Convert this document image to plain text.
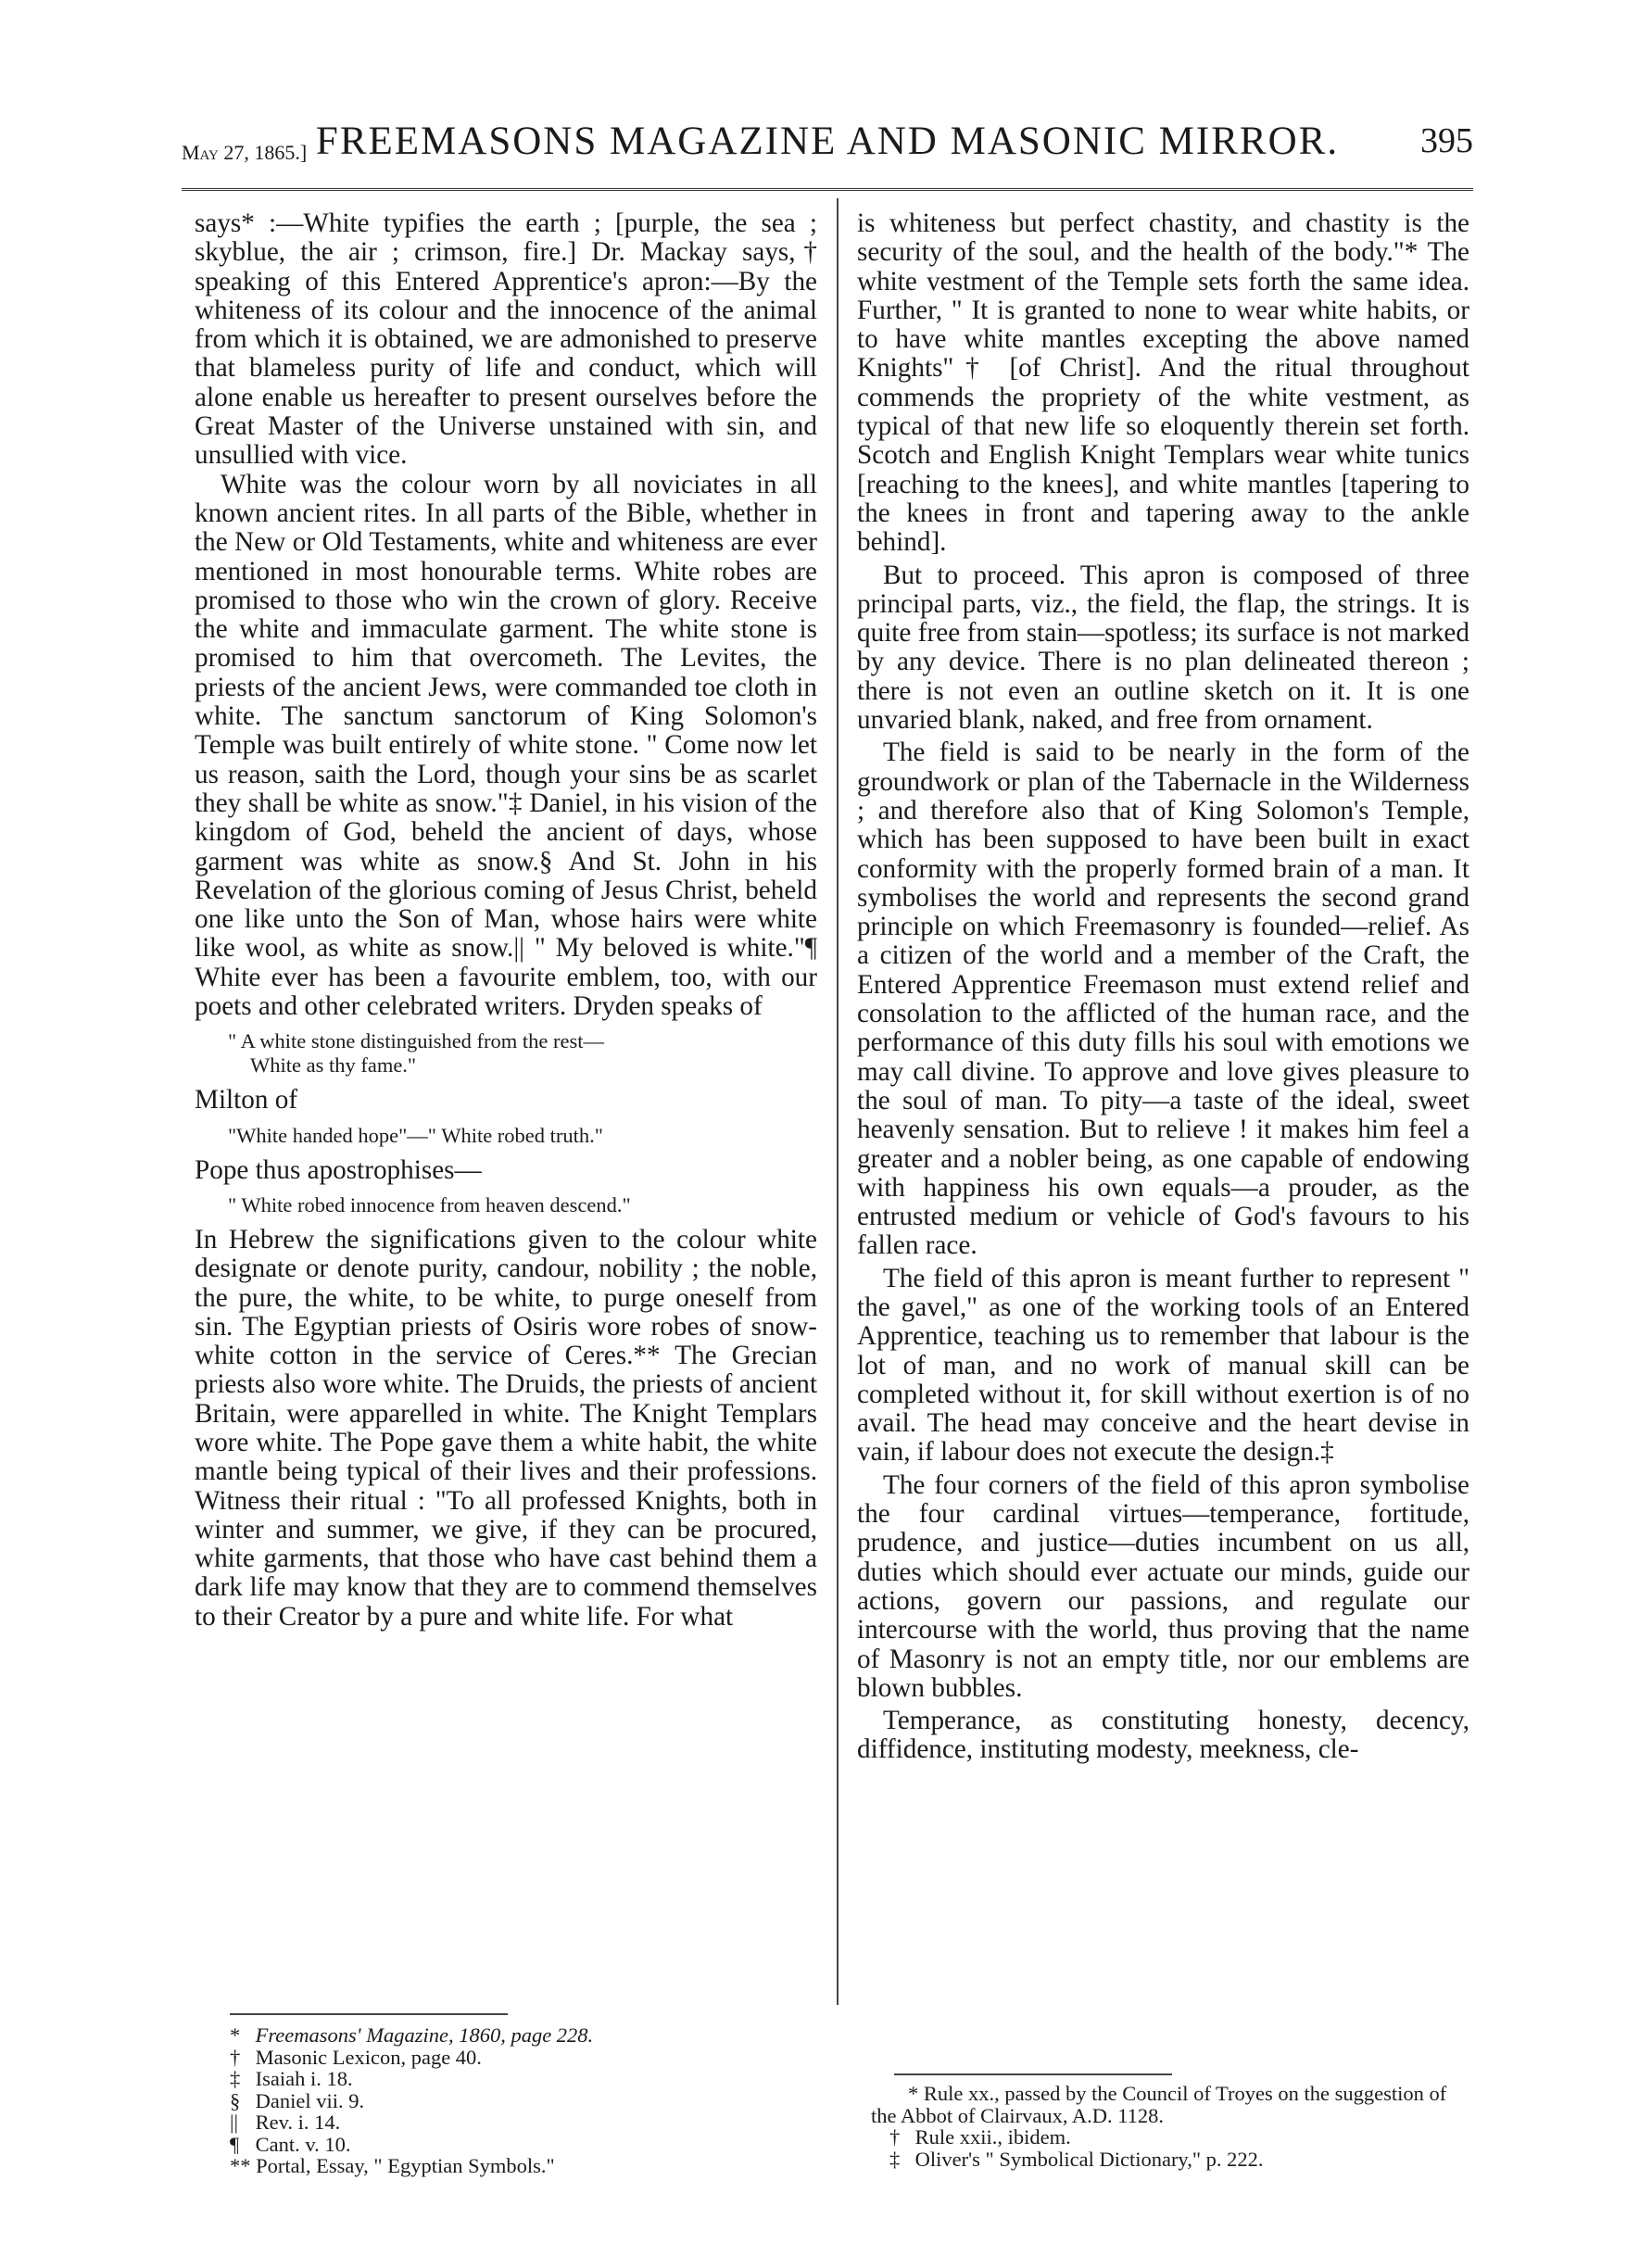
May 27, 1865.] FREEMASONS MAGAZINE AND MASONIC MIRROR.	395

says* :—White typifies the earth ; [purple, the sea ; skyblue, the air ; crimson, fire.] Dr. Mackay says,† speaking of this Entered Apprentice's apron:—By the whiteness of its colour and the innocence of the animal from which it is obtained, we are admonished to preserve that blameless purity of life and conduct, which will alone enable us hereafter to present ourselves before the Great Master of the Universe unstained with sin, and unsullied with vice.

White was the colour worn by all noviciates in all known ancient rites. In all parts of the Bible, whether in the New or Old Testaments, white and whiteness are ever mentioned in most honourable terms. White robes are promised to those who win the crown of glory. Receive the white and immaculate garment. The white stone is promised to him that overcometh. The Levites, the priests of the ancient Jews, were commanded toe cloth in white. The sanctum sanctorum of King Solomon's Temple was built entirely of white stone. " Come now let us reason, saith the Lord, though your sins be as scarlet they shall be white as snow."‡ Daniel, in his vision of the kingdom of God, beheld the ancient of days, whose garment was white as snow.§ And St. John in his Revelation of the glorious coming of Jesus Christ, beheld one like unto the Son of Man, whose hairs were white like wool, as white as snow.|| " My beloved is white."¶ White ever has been a favourite emblem, too, with our poets and other celebrated writers. Dryden speaks of

" A white stone distinguished from the rest—
White as thy fame."

Milton of

"White handed hope"—" White robed truth."

Pope thus apostrophises—

" White robed innocence from heaven descend."

In Hebrew the significations given to the colour white designate or denote purity, candour, nobility ; the noble, the pure, the white, to be white, to purge oneself from sin. The Egyptian priests of Osiris wore robes of snow-white cotton in the service of Ceres.** The Grecian priests also wore white. The Druids, the priests of ancient Britain, were apparelled in white. The Knight Templars wore white. The Pope gave them a white habit, the white mantle being typical of their lives and their professions. Witness their ritual : "To all professed Knights, both in winter and summer, we give, if they can be procured, white garments, that those who have cast behind them a dark life may know that they are to commend themselves to their Creator by a pure and white life. For what

is whiteness but perfect chastity, and chastity is the security of the soul, and the health of the body."* The white vestment of the Temple sets forth the same idea. Further, " It is granted to none to wear white habits, or to have white mantles excepting the above named Knights"† [of Christ]. And the ritual throughout commends the propriety of the white vestment, as typical of that new life so eloquently therein set forth. Scotch and English Knight Templars wear white tunics [reaching to the knees], and white mantles [tapering to the knees in front and tapering away to the ankle behind].

But to proceed. This apron is composed of three principal parts, viz., the field, the flap, the strings. It is quite free from stain—spotless; its surface is not marked by any device. There is no plan delineated thereon ; there is not even an outline sketch on it. It is one unvaried blank, naked, and free from ornament.

The field is said to be nearly in the form of the groundwork or plan of the Tabernacle in the Wilderness ; and therefore also that of King Solomon's Temple, which has been supposed to have been built in exact conformity with the properly formed brain of a man. It symbolises the world and represents the second grand principle on which Freemasonry is founded—relief. As a citizen of the world and a member of the Craft, the Entered Apprentice Freemason must extend relief and consolation to the afflicted of the human race, and the performance of this duty fills his soul with emotions we may call divine. To approve and love gives pleasure to the soul of man. To pity—a taste of the ideal, sweet heavenly sensation. But to relieve ! it makes him feel a greater and a nobler being, as one capable of endowing with happiness his own equals—a prouder, as the entrusted medium or vehicle of God's favours to his fallen race.

The field of this apron is meant further to represent " the gavel," as one of the working tools of an Entered Apprentice, teaching us to remember that labour is the lot of man, and no work of manual skill can be completed without it, for skill without exertion is of no avail. The head may conceive and the heart devise in vain, if labour does not execute the design.‡

The four corners of the field of this apron symbolise the four cardinal virtues—temperance, fortitude, prudence, and justice—duties incumbent on us all, duties which should ever actuate our minds, guide our actions, govern our passions, and regulate our intercourse with the world, thus proving that the name of Masonry is not an empty title, nor our emblems are blown bubbles.

Temperance, as constituting honesty, decency, diffidence, instituting modesty, meekness, cle-

* Freemasons' Magazine, 1860, page 228.
† Masonic Lexicon, page 40.
‡ Isaiah i. 18.
§ Daniel vii. 9.
|| Rev. i. 14.
¶ Cant. v. 10.
** Portal, Essay, " Egyptian Symbols."
* Rule xx., passed by the Council of Troyes on the suggestion of the Abbot of Clairvaux, A.D. 1128.
† Rule xxii., ibidem.
‡ Oliver's " Symbolical Dictionary," p. 222.
